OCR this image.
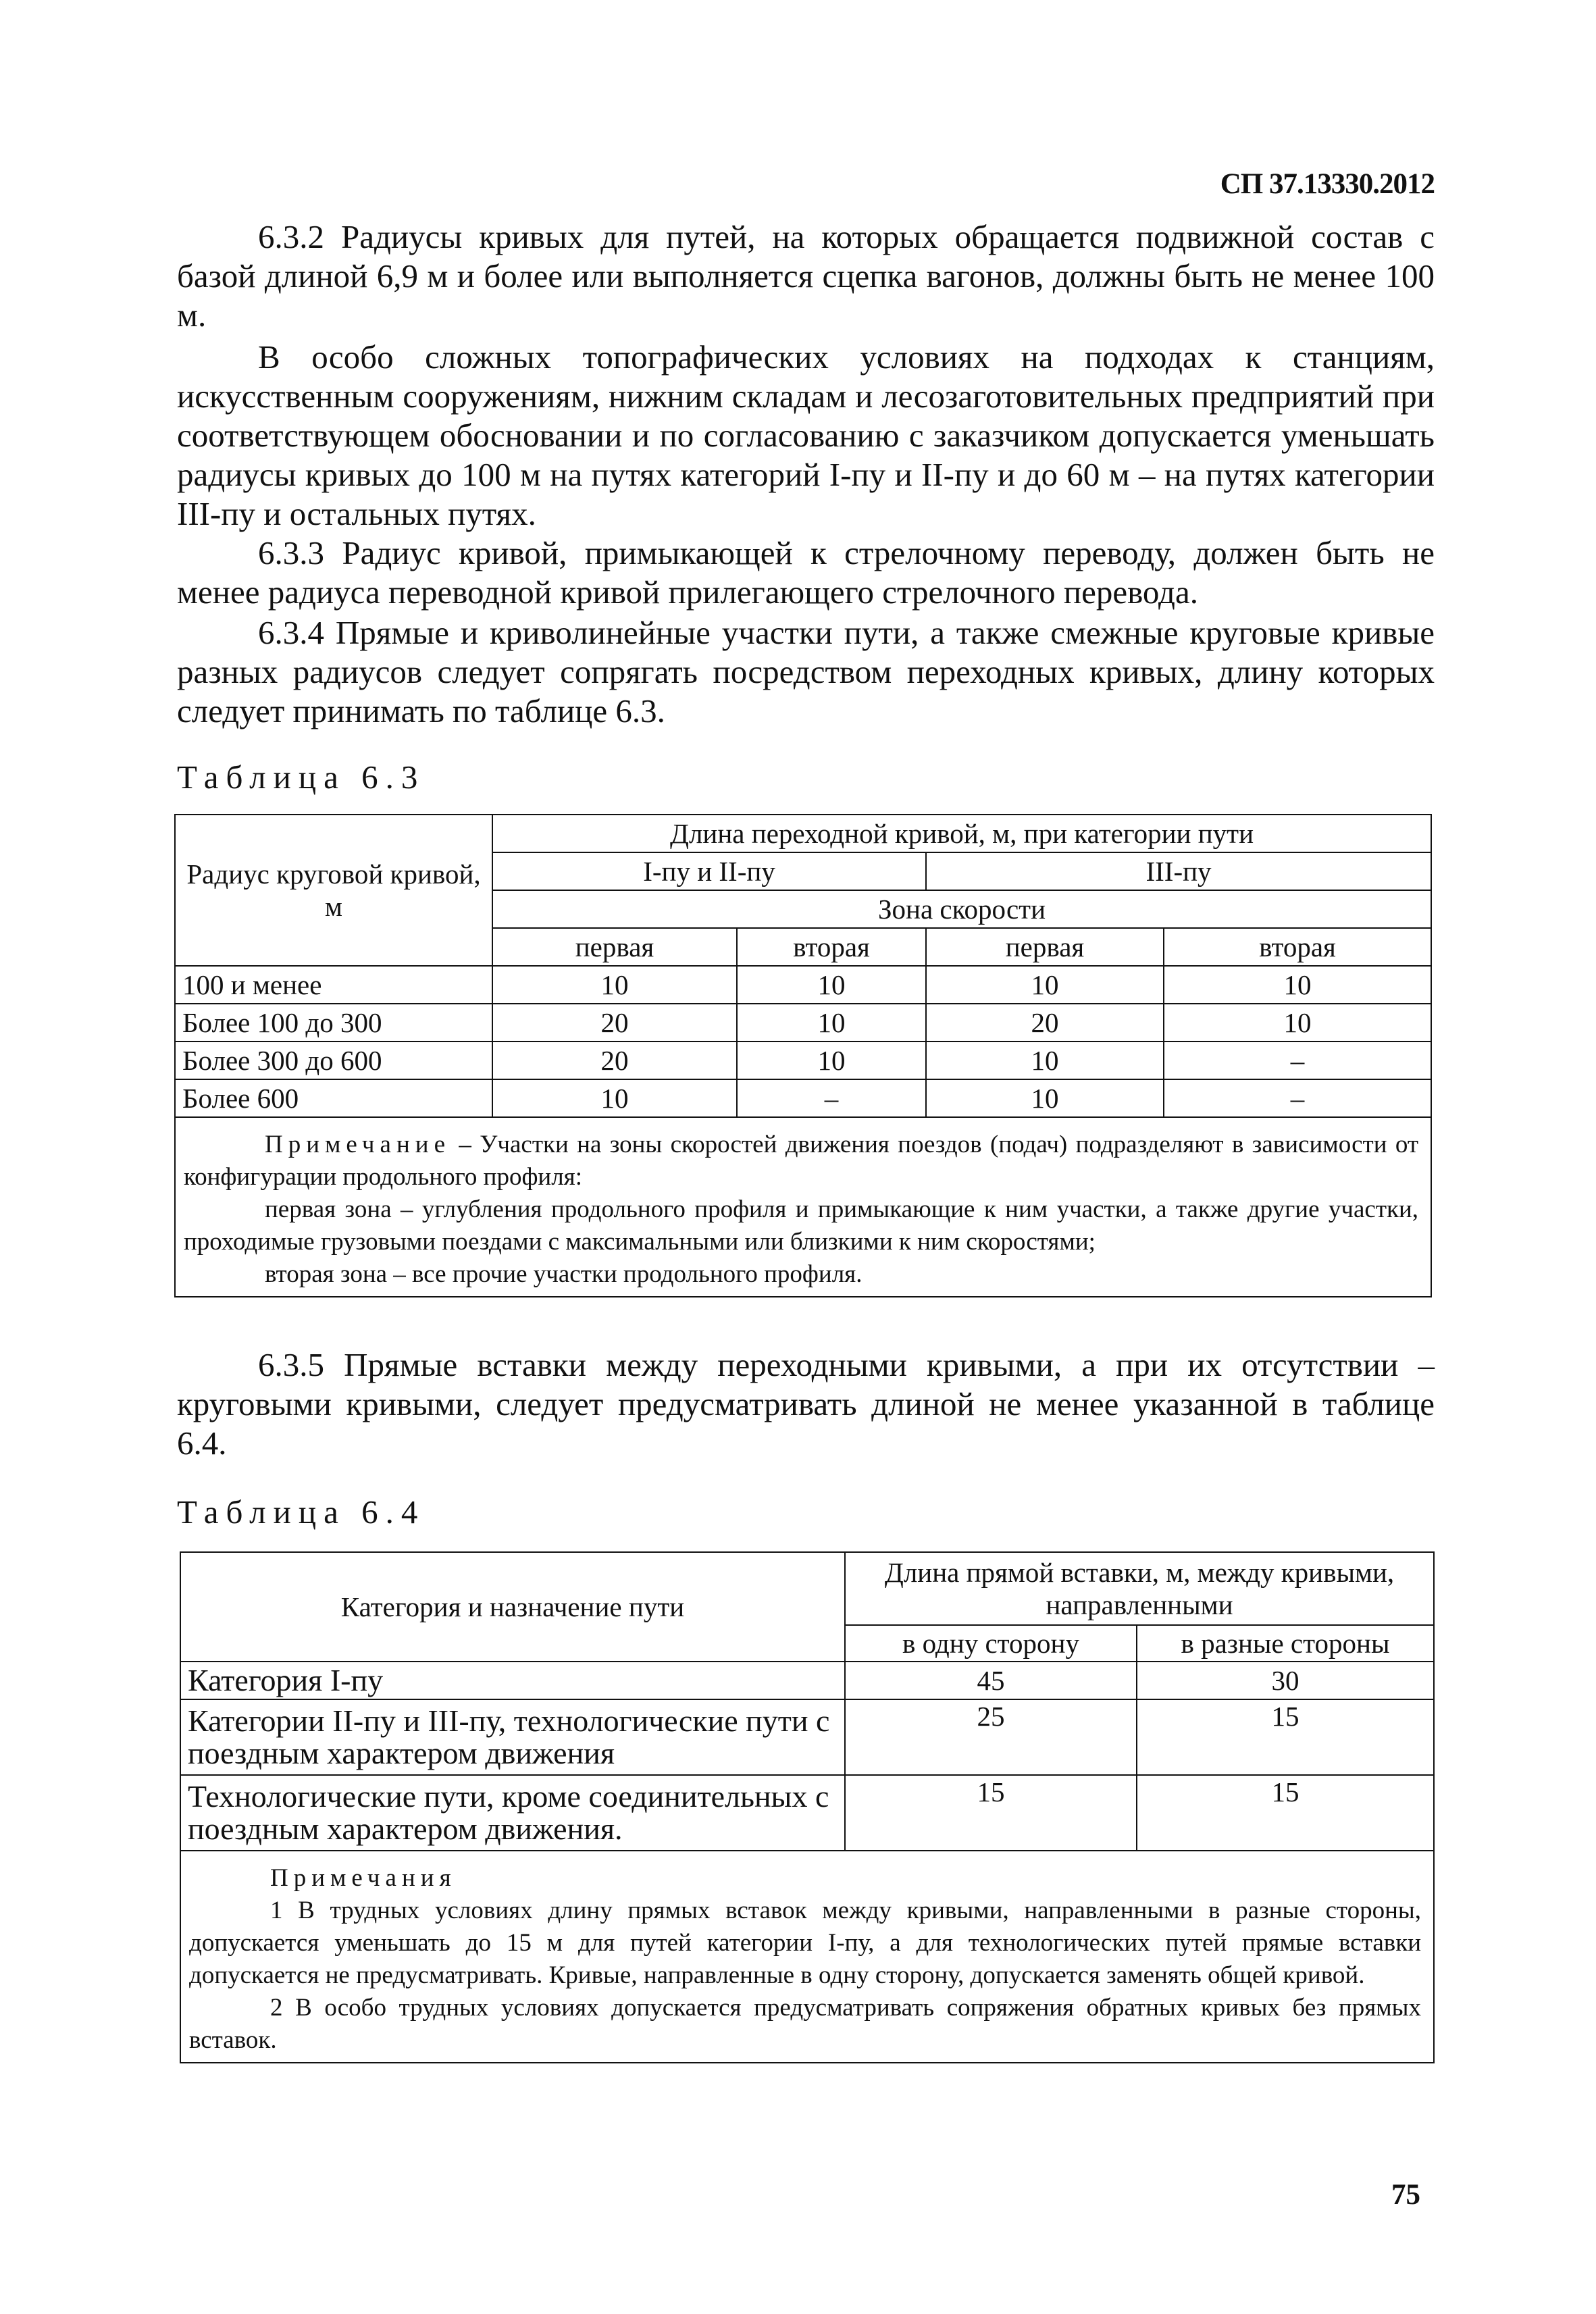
СП 37.13330.2012

6.3.2 Радиусы кривых для путей, на которых обращается подвижной состав с базой длиной 6,9 м и более или выполняется сцепка вагонов, должны быть не менее 100 м.

В особо сложных топографических условиях на подходах к станциям, искусственным сооружениям, нижним складам и лесозаготовительных предприятий при соответствующем обосновании и по согласованию с заказчиком допускается уменьшать радиусы кривых до 100 м на путях категорий I-пу и II-пу и до 60 м – на путях категории III-пу и остальных путях.

6.3.3 Радиус кривой, примыкающей к стрелочному переводу, должен быть не менее радиуса переводной кривой прилегающего стрелочного перевода.

6.3.4 Прямые и криволинейные участки пути, а также смежные круговые кривые разных радиусов следует сопрягать посредством переходных кривых, длину которых следует принимать по таблице 6.3.

Таблица 6.3
Радиус круговой кривой, м	Длина переходной кривой, м, при категории пути			
	I-пу и II-пу		III-пу	
	Зона скорости			
	первая	вторая	первая	вторая
100 и менее	10	10	10	10
Более 100 до 300	20	10	20	10
Более 300 до 600	20	10	10	–
Более 600	10	–	10	–

Примечание – Участки на зоны скоростей движения поездов (подач) подразделяют в зависимости от конфигурации продольного профиля:

первая зона – углубления продольного профиля и примыкающие к ним участки, а также другие участки, проходимые грузовыми поездами с максимальными или близкими к ним скоростями;

вторая зона – все прочие участки продольного профиля.				

6.3.5 Прямые вставки между переходными кривыми, а при их отсутствии – круговыми кривыми, следует предусматривать длиной не менее указанной в таблице 6.4.

Таблица 6.4
Категория и назначение пути	Длина прямой вставки, м, между кривыми, направленными	
	в одну сторону	в разные стороны
Категория I-пу	45	30
Категории II-пу и III-пу, технологические пути с поездным характером движения	25	15
Технологические пути, кроме соединительных с поездным характером движения.	15	15

Примечания

1 В трудных условиях длину прямых вставок между кривыми, направленными в разные стороны, допускается уменьшать до 15 м для путей категории I-пу, а для технологических путей прямые вставки допускается не предусматривать. Кривые, направленные в одну сторону, допускается заменять общей кривой.

2 В особо трудных условиях допускается предусматривать сопряжения обратных кривых без прямых вставок.		

75
